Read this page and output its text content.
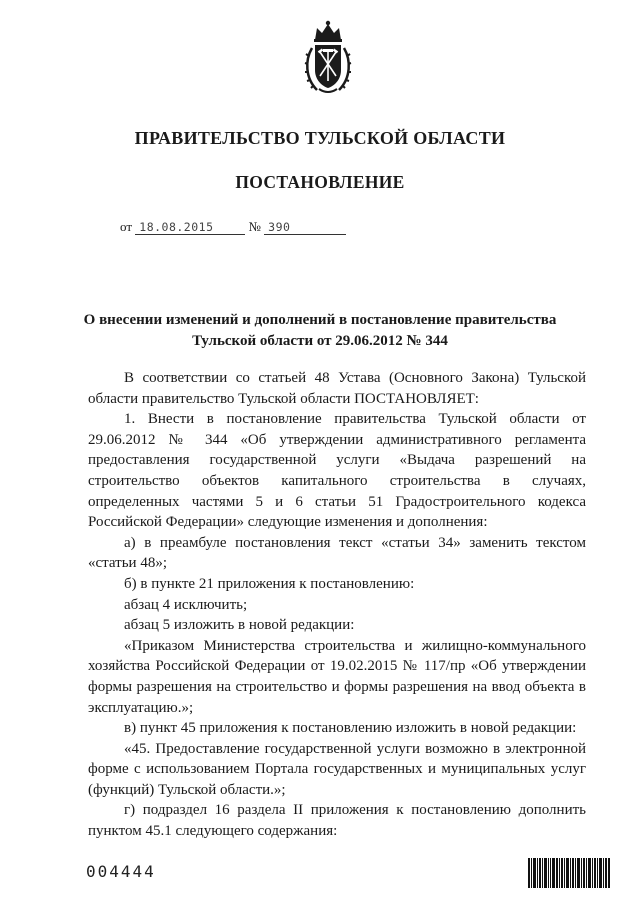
ПРАВИТЕЛЬСТВО ТУЛЬСКОЙ ОБЛАСТИ
ПОСТАНОВЛЕНИЕ
от 18.08.2015	№ 390
О внесении изменений и дополнений в постановление правительства
Тульской области от 29.06.2012 № 344

В соответствии со статьей 48 Устава (Основного Закона) Тульской

области правительство Тульской области ПОСТАНОВЛЯЕТ:

1. Внести в постановление правительства Тульской области от

29.06.2012 № 344 «Об утверждении административного регламента

предоставления государственной услуги «Выдача разрешений на

строительство объектов капитального строительства в случаях,

определенных частями 5 и 6 статьи 51 Градостроительного кодекса

Российской Федерации» следующие изменения и дополнения:

а) в преамбуле постановления текст «статьи 34» заменить текстом

«статьи 48»;

б) в пункте 21 приложения к постановлению:

абзац 4 исключить;

абзац 5 изложить в новой редакции:

«Приказом Министерства строительства и жилищно-коммунального

хозяйства Российской Федерации от 19.02.2015 № 117/пр «Об утверждении

формы разрешения на строительство и формы разрешения на ввод объекта в

эксплуатацию.»;

в) пункт 45 приложения к постановлению изложить в новой редакции:

«45. Предоставление государственной услуги возможно в электронной

форме с использованием Портала государственных и муниципальных услуг

(функций) Тульской области.»;

г) подраздел 16 раздела II приложения к постановлению дополнить

пунктом 45.1 следующего содержания:

004444
